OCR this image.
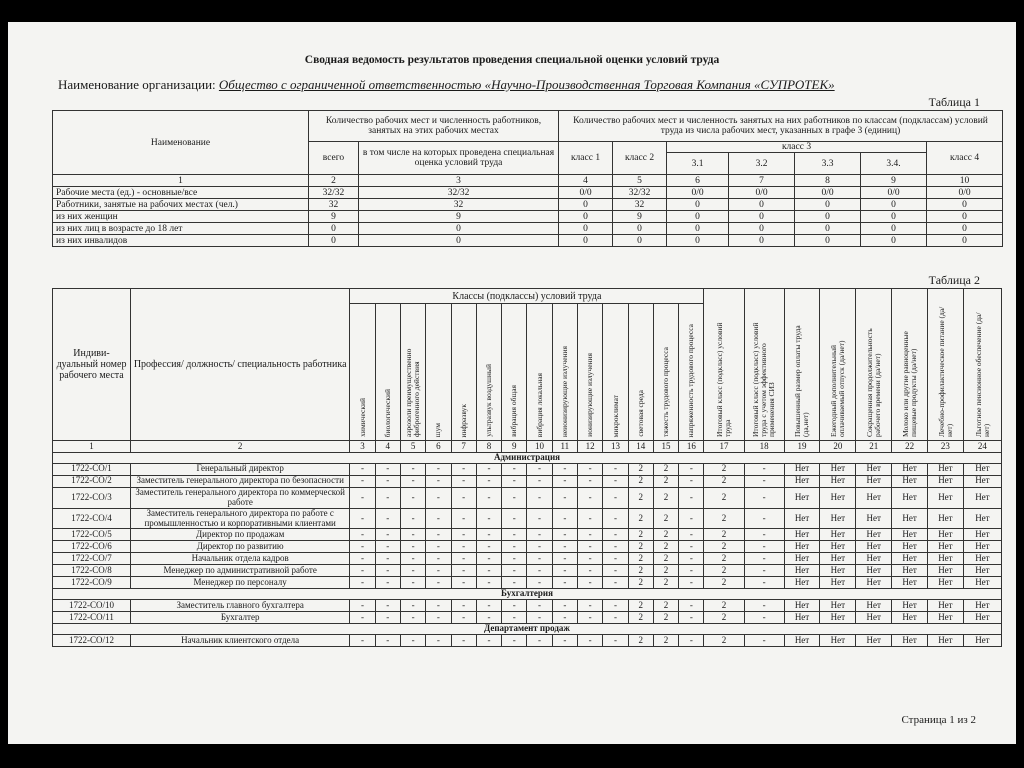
Сводная ведомость результатов проведения специальной оценки условий труда
Наименование организации: Общество с ограниченной ответственностью «Научно-Производственная Торговая Компания «СУПРОТЕК»
Таблица 1
Наименование	Количество рабочих мест и численность работников, занятых на этих рабочих местах		Количество рабочих мест и численность занятых на них работников по классам (подклассам) условий труда из числа рабочих мест, указанных в графе 3 (единиц)						
	всего	в том числе на которых проведена специальная оценка условий труда	класс 1	класс 2	класс 3				класс 4
					3.1	3.2	3.3	3.4.	
1	2	3	4	5	6	7	8	9	10
Рабочие места (ед.) - основные/все	32/32	32/32	0/0	32/32	0/0	0/0	0/0	0/0	0/0
Работники, занятые на рабочих местах (чел.)	32	32	0	32	0	0	0	0	0
из них женщин	9	9	0	9	0	0	0	0	0
из них лиц в возрасте до 18 лет	0	0	0	0	0	0	0	0	0
из них инвалидов	0	0	0	0	0	0	0	0	0
Таблица 2
Индиви-дуальный номер рабочего места	Профессия/ должность/ специальность работника	Классы (подклассы) условий труда														Итоговый класс (подкласс) условий труда	Итоговый класс (подкласс) условий труда с учетом эффективного применения СИЗ	Повышенный размер оплаты труда (да,нет)	Ежегодный дополнительный оплачиваемый отпуск (да/нет)	Сокращенная продолжительность рабочего времени (да/нет)	Молоко или другие равноценные пищевые продукты (да/нет)	Лечебно-профилактическое питание (да/нет)	Льготное пенсионное обеспечение (да/нет)
		химический	биологический	аэрозоли преимущественно фиброгенного действия	шум	инфразвук	ультразвук воздушный	вибрация общая	вибрация локальная	неионизирующие излучения	ионизирующие излучения	микроклимат	световая среда	тяжесть трудового процесса	напряженность трудового процесса								
1	2	3	4	5	6	7	8	9	10	11	12	13	14	15	16	17	18	19	20	21	22	23	24
Администрация																							
1722-СО/1	Генеральный директор	-	-	-	-	-	-	-	-	-	-	-	2	2	-	2	-	Нет	Нет	Нет	Нет	Нет	Нет
1722-СО/2	Заместитель генерального директора по безопасности	-	-	-	-	-	-	-	-	-	-	-	2	2	-	2	-	Нет	Нет	Нет	Нет	Нет	Нет
1722-СО/3	Заместитель генерального директора по коммерческой работе	-	-	-	-	-	-	-	-	-	-	-	2	2	-	2	-	Нет	Нет	Нет	Нет	Нет	Нет
1722-СО/4	Заместитель генерального директора по работе с промышленностью и корпоративными клиентами	-	-	-	-	-	-	-	-	-	-	-	2	2	-	2	-	Нет	Нет	Нет	Нет	Нет	Нет
1722-СО/5	Директор по продажам	-	-	-	-	-	-	-	-	-	-	-	2	2	-	2	-	Нет	Нет	Нет	Нет	Нет	Нет
1722-СО/6	Директор по развитию	-	-	-	-	-	-	-	-	-	-	-	2	2	-	2	-	Нет	Нет	Нет	Нет	Нет	Нет
1722-СО/7	Начальник отдела кадров	-	-	-	-	-	-	-	-	-	-	-	2	2	-	2	-	Нет	Нет	Нет	Нет	Нет	Нет
1722-СО/8	Менеджер по административной работе	-	-	-	-	-	-	-	-	-	-	-	2	2	-	2	-	Нет	Нет	Нет	Нет	Нет	Нет
1722-СО/9	Менеджер по персоналу	-	-	-	-	-	-	-	-	-	-	-	2	2	-	2	-	Нет	Нет	Нет	Нет	Нет	Нет
Бухгалтерия																							
1722-СО/10	Заместитель главного бухгалтера	-	-	-	-	-	-	-	-	-	-	-	2	2	-	2	-	Нет	Нет	Нет	Нет	Нет	Нет
1722-СО/11	Бухгалтер	-	-	-	-	-	-	-	-	-	-	-	2	2	-	2	-	Нет	Нет	Нет	Нет	Нет	Нет
Департамент продаж																							
1722-СО/12	Начальник клиентского отдела	-	-	-	-	-	-	-	-	-	-	-	2	2	-	2	-	Нет	Нет	Нет	Нет	Нет	Нет
Страница 1 из 2
